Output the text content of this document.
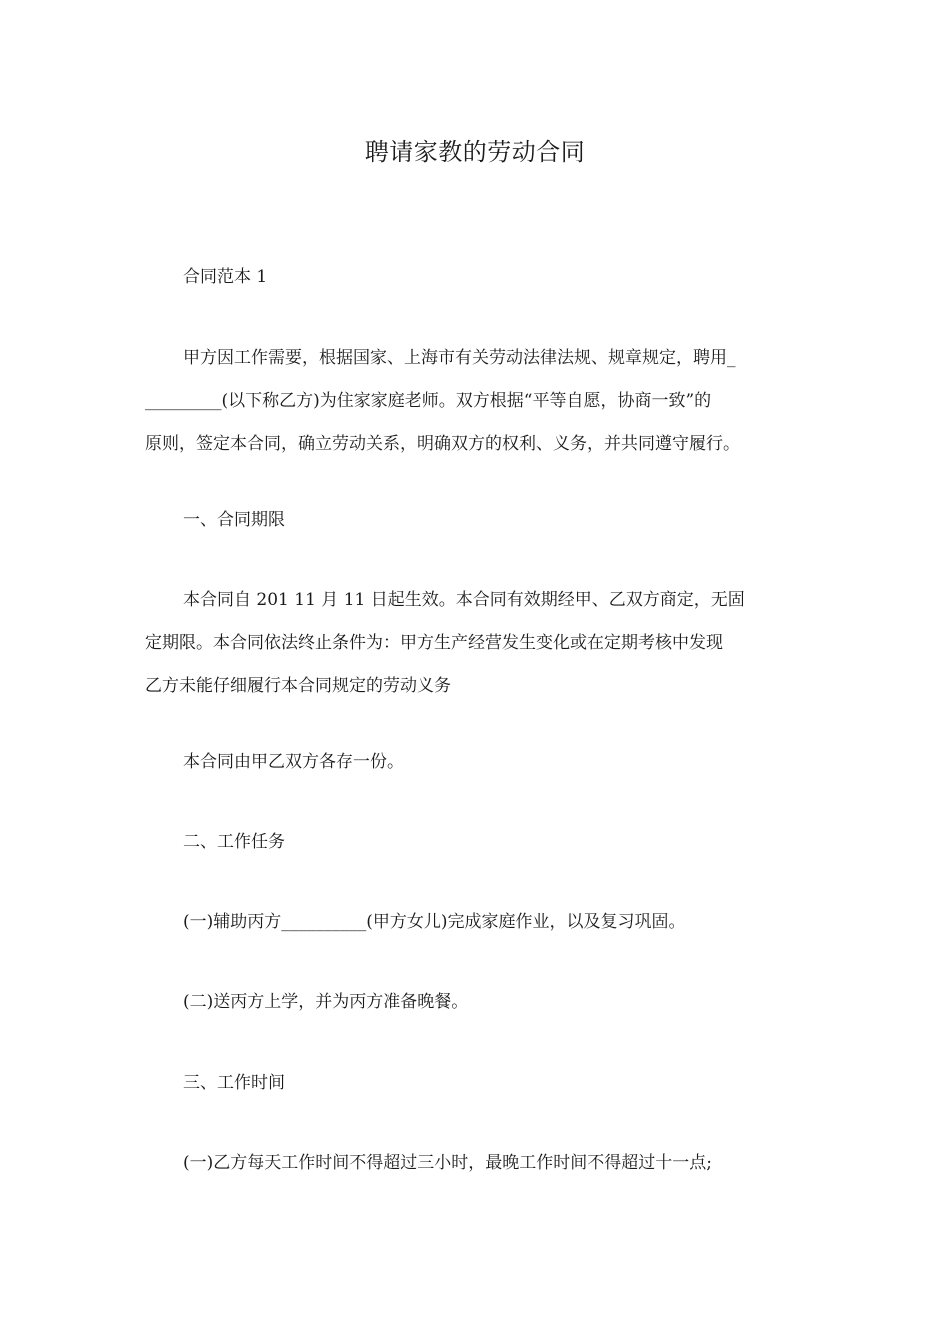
聘请家教的劳动合同

合同范本 1

甲方因工作需要，根据国家、上海市有关劳动法律法规、规章规定，聘用_
_________(以下称乙方)为住家家庭老师。双方根据“平等自愿，协商一致”的
原则，签定本合同，确立劳动关系，明确双方的权利、义务，并共同遵守履行。

一、合同期限

本合同自 201 11 月 11 日起生效。本合同有效期经甲、乙双方商定，无固
定期限。本合同依法终止条件为：甲方生产经营发生变化或在定期考核中发现
乙方未能仔细履行本合同规定的劳动义务

本合同由甲乙双方各存一份。

二、工作任务

(一)辅助丙方__________(甲方女儿)完成家庭作业，以及复习巩固。

(二)送丙方上学，并为丙方准备晚餐。

三、工作时间

(一)乙方每天工作时间不得超过三小时，最晚工作时间不得超过十一点;
